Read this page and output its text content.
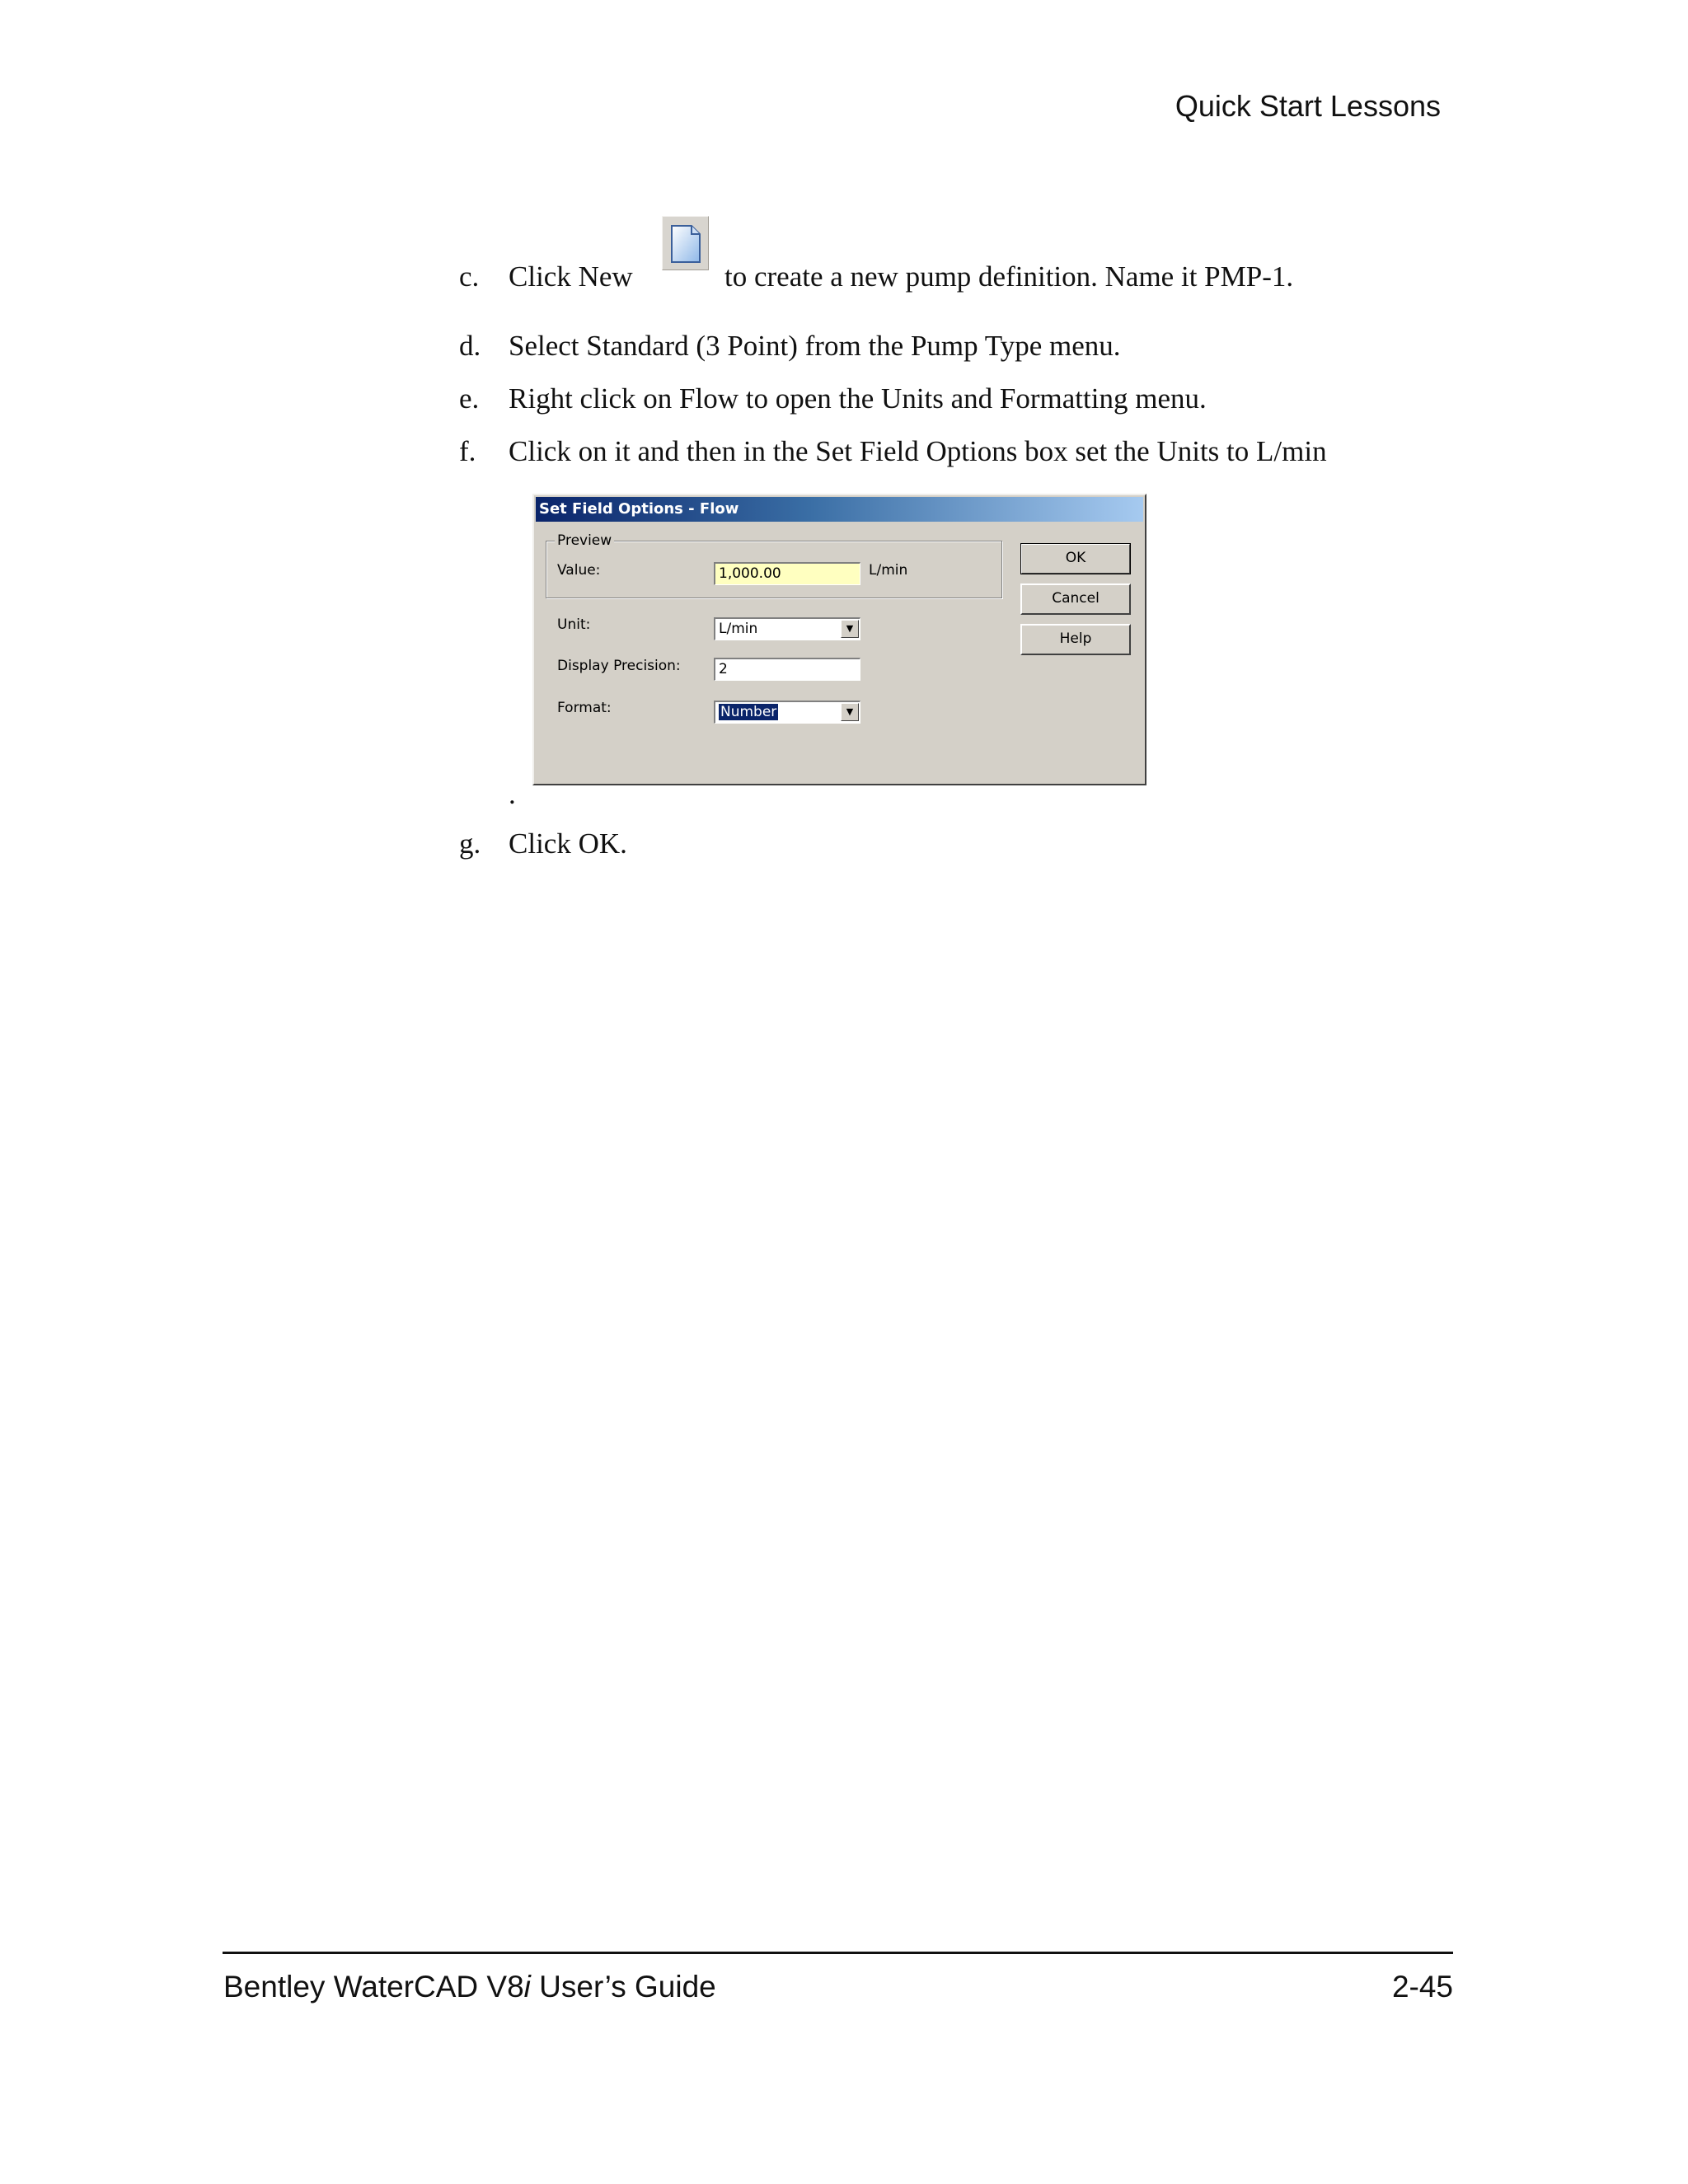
Quick Start Lessons
c. Click New	to create a new pump definition. Name it PMP-1.
d. Select Standard (3 Point) from the Pump Type menu.
e. Right click on Flow to open the Units and Formatting menu.
f. Click on it and then in the Set Field Options box set the Units to L/min
Set Field Options - Flow
Preview
Value:	1,000.00	L/min
Unit:	L/min	▼
Display Precision:	2
Format:	Number	▼
OK
Cancel
Help
.
g. Click OK.
Bentley WaterCAD V8i User’s Guide	2-45
